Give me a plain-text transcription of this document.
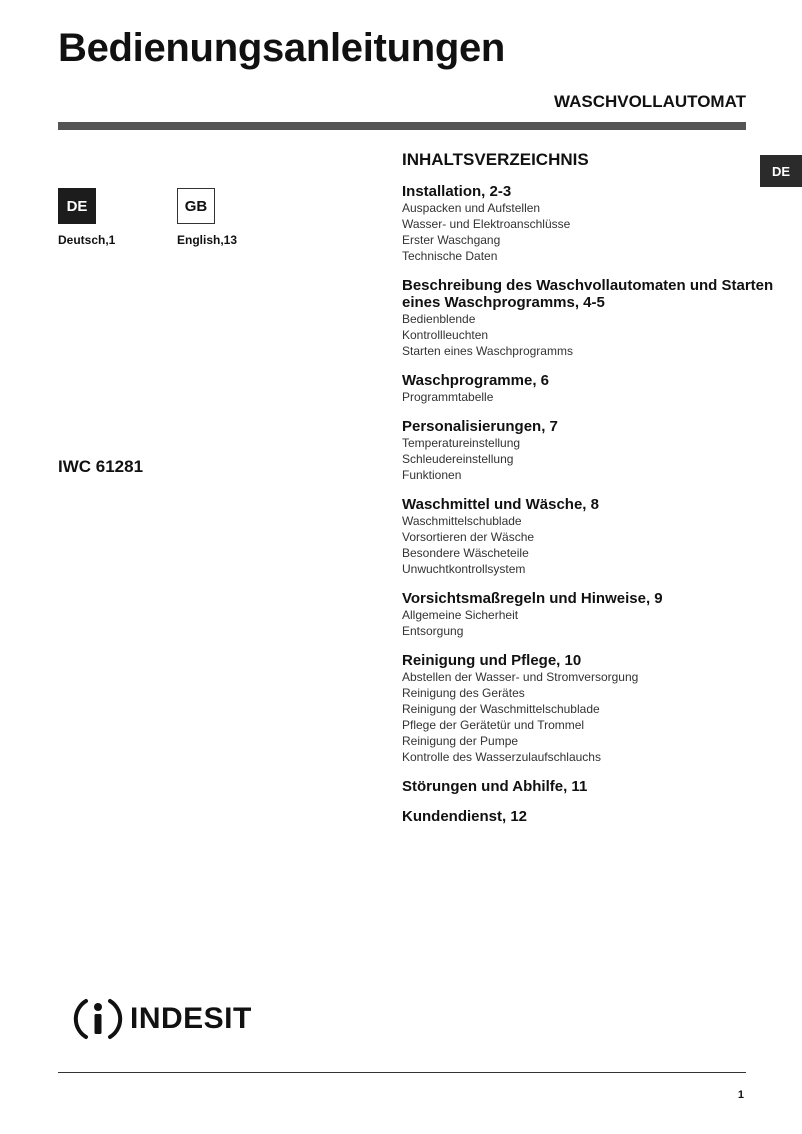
Bedienungsanleitungen
WASCHVOLLAUTOMAT
DE
DE
Deutsch,1
GB
English,13
IWC 61281
INHALTSVERZEICHNIS
Installation, 2-3
Auspacken und Aufstellen
Wasser- und Elektroanschlüsse
Erster Waschgang
Technische Daten
Beschreibung des Waschvollautomaten und Starten eines Waschprogramms, 4-5
Bedienblende
Kontrollleuchten
Starten eines Waschprogramms
Waschprogramme, 6
Programmtabelle
Personalisierungen, 7
Temperatureinstellung
Schleudereinstellung
Funktionen
Waschmittel und Wäsche, 8
Waschmittelschublade
Vorsortieren der Wäsche
Besondere Wäscheteile
Unwuchtkontrollsystem
Vorsichtsmaßregeln und Hinweise, 9
Allgemeine Sicherheit
Entsorgung
Reinigung und Pflege, 10
Abstellen der Wasser- und Stromversorgung
Reinigung des Gerätes
Reinigung der Waschmittelschublade
Pflege der Gerätetür und Trommel
Reinigung der Pumpe
Kontrolle des Wasserzulaufschlauchs
Störungen und Abhilfe, 11
Kundendienst, 12
INDESIT
1
